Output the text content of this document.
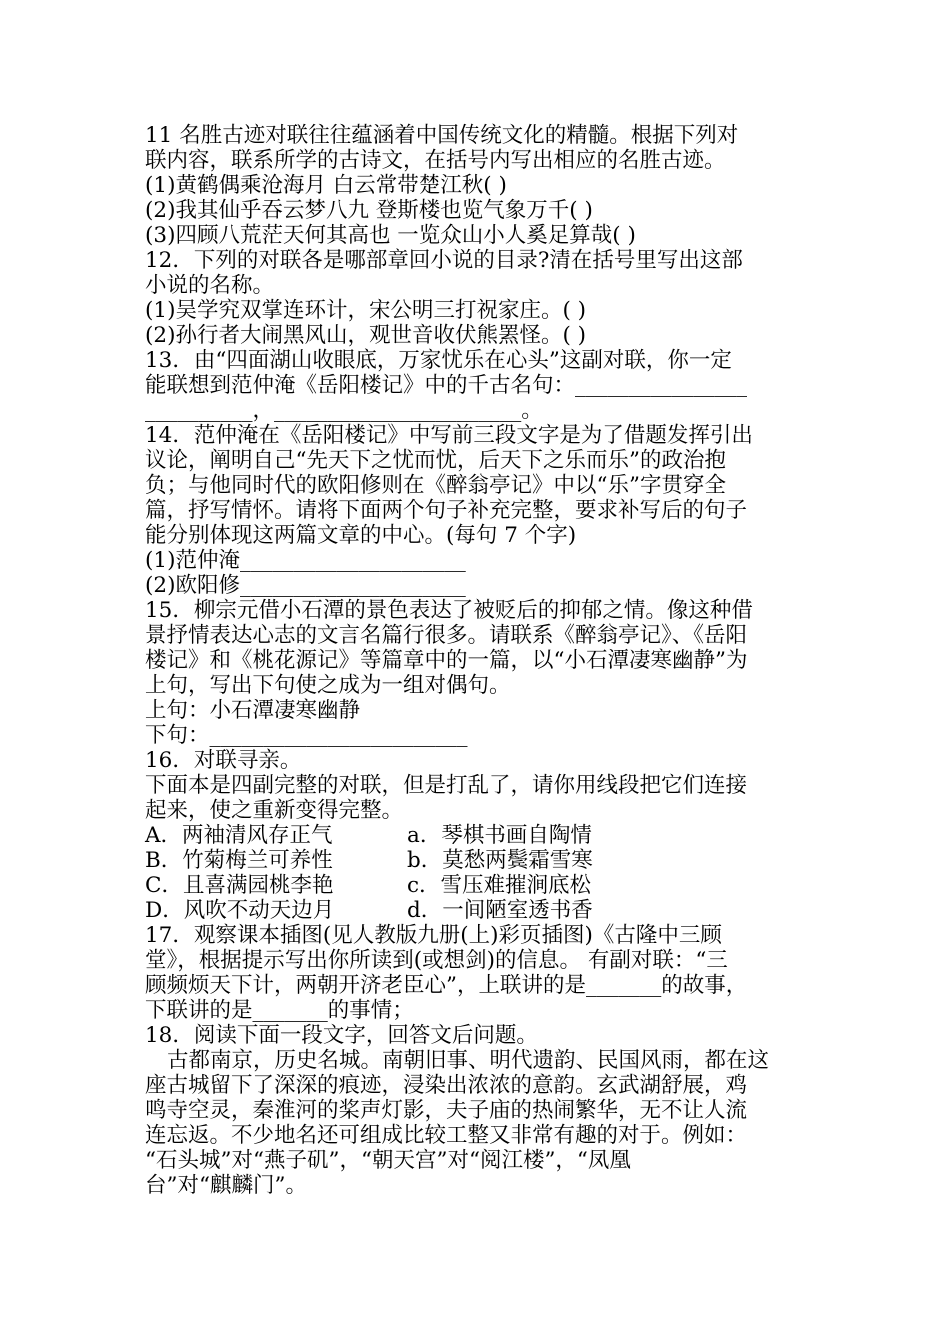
11 名胜古迹对联往往蕴涵着中国传统文化的精髓。根据下列对
联内容，联系所学的古诗文，在括号内写出相应的名胜古迹。
(1)黄鹤偶乘沧海月 白云常带楚江秋( )
(2)我其仙乎吞云梦八九 登斯楼也览气象万千( )
(3)四顾八荒茫天何其高也 一览众山小人奚足算哉( )
12．下列的对联各是哪部章回小说的目录?清在括号里写出这部
小说的名称。
(1)吴学究双掌连环计，宋公明三打祝家庄。( )
(2)孙行者大闹黑风山，观世音收伏熊罴怪。( )
13．由“四面湖山收眼底，万家忧乐在心头”这副对联，你一定
能联想到范仲淹《岳阳楼记》中的千古名句：________________
__________，_______________________。
14．范仲淹在《岳阳楼记》中写前三段文字是为了借题发挥引出
议论，阐明自己“先天下之忧而忧，后天下之乐而乐”的政治抱
负；与他同时代的欧阳修则在《醉翁亭记》中以“乐”字贯穿全
篇，抒写情怀。请将下面两个句子补充完整，要求补写后的句子
能分别体现这两篇文章的中心。(每句 7 个字)
(1)范仲淹_____________________
(2)欧阳修_____________________
15．柳宗元借小石潭的景色表达了被贬后的抑郁之情。像这种借
景抒情表达心志的文言名篇行很多。请联系《醉翁亭记》、《岳阳
楼记》和《桃花源记》等篇章中的一篇，以“小石潭凄寒幽静”为
上句，写出下句使之成为一组对偶句。
上句：小石潭凄寒幽静
下句：________________________
16．对联寻亲。
下面本是四副完整的对联，但是打乱了，请你用线段把它们连接
起来，使之重新变得完整。
A．两袖清风存正气	a．琴棋书画自陶情
B．竹菊梅兰可养性	b．莫愁两鬓霜雪寒
C．且喜满园桃李艳	c．雪压难摧涧底松
D．风吹不动天边月	d．一间陋室透书香
17．观察课本插图(见人教版九册(上)彩页插图)《古隆中三顾
堂》，根据提示写出你所读到(或想剑)的信息。 有副对联：“三
顾频烦天下计，两朝开济老臣心”，上联讲的是_______的故事，
下联讲的是_______的事情；
18．阅读下面一段文字，回答文后问题。
古都南京，历史名城。南朝旧事、明代遗韵、民国风雨，都在这
座古城留下了深深的痕迹，浸染出浓浓的意韵。玄武湖舒展，鸡
鸣寺空灵，秦淮河的桨声灯影，夫子庙的热闹繁华，无不让人流
连忘返。不少地名还可组成比较工整又非常有趣的对于。例如：
“石头城”对“燕子矶”，“朝天宫”对“阅江楼”，“凤凰
台”对“麒麟门”。
